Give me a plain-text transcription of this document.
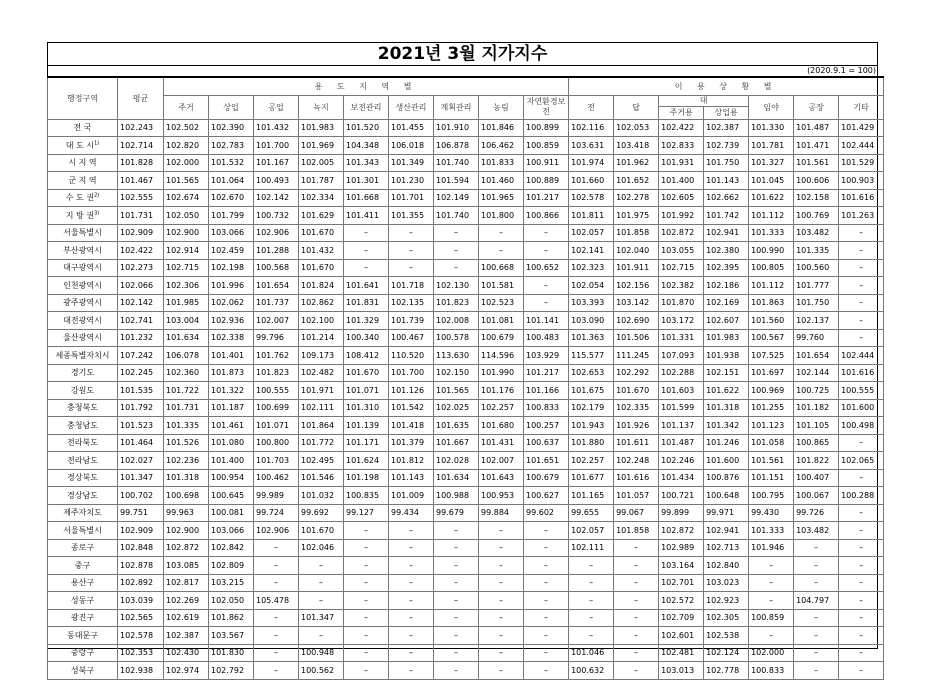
2021년 3월 지가지수
(2020.9.1 = 100)
행정구역	평균	용 도 지 역 별									이 용 상 황 별						
		주거	상업	공업	녹지	보전관리	생산관리	계획관리	농림	자연환경보전	전	답	대		임야	공장	기타
													주거용	상업용			
전 국	102.243	102.502	102.390	101.432	101.983	101.520	101.455	101.910	101.846	100.899	102.116	102.053	102.422	102.387	101.330	101.487	101.429
대 도 시$^{1)}$	102.714	102.820	102.783	101.700	101.969	104.348	106.018	106.878	106.462	100.859	103.631	103.418	102.833	102.739	101.781	101.471	102.444
시 지 역	101.828	102.000	101.532	101.167	102.005	101.343	101.349	101.740	101.833	100.911	101.974	101.962	101.931	101.750	101.327	101.561	101.529
군 지 역	101.467	101.565	101.064	100.493	101.787	101.301	101.230	101.594	101.460	100.889	101.660	101.652	101.400	101.143	101.045	100.606	100.903
수 도 권$^{2)}$	102.555	102.674	102.670	102.142	102.334	101.668	101.701	102.149	101.965	101.217	102.578	102.278	102.605	102.662	101.622	102.158	101.616
지 방 권$^{3)}$	101.731	102.050	101.799	100.732	101.629	101.411	101.355	101.740	101.800	100.866	101.811	101.975	101.992	101.742	101.112	100.769	101.263
서울특별시	102.909	102.900	103.066	102.906	101.670	–	–	–	–	–	102.057	101.858	102.872	102.941	101.333	103.482	–
부산광역시	102.422	102.914	102.459	101.288	101.432	–	–	–	–	–	102.141	102.040	103.055	102.380	100.990	101.335	–
대구광역시	102.273	102.715	102.198	100.568	101.670	–	–	–	100.668	100.652	102.323	101.911	102.715	102.395	100.805	100.560	–
인천광역시	102.066	102.306	101.996	101.654	101.824	101.641	101.718	102.130	101.581	–	102.054	102.156	102.382	102.186	101.112	101.777	–
광주광역시	102.142	101.985	102.062	101.737	102.862	101.831	102.135	101.823	102.523	–	103.393	103.142	101.870	102.169	101.863	101.750	–
대전광역시	102.741	103.004	102.936	102.007	102.100	101.329	101.739	102.008	101.081	101.141	103.090	102.690	103.172	102.607	101.560	102.137	–
울산광역시	101.232	101.634	102.338	99.796	101.214	100.340	100.467	100.578	100.679	100.483	101.363	101.506	101.331	101.983	100.567	99.760	–
세종특별자치시	107.242	106.078	101.401	101.762	109.173	108.412	110.520	113.630	114.596	103.929	115.577	111.245	107.093	101.938	107.525	101.654	102.444
경기도	102.245	102.360	101.873	101.823	102.482	101.670	101.700	102.150	101.990	101.217	102.653	102.292	102.288	102.151	101.697	102.144	101.616
강원도	101.535	101.722	101.322	100.555	101.971	101.071	101.126	101.565	101.176	101.166	101.675	101.670	101.603	101.622	100.969	100.725	100.555
충청북도	101.792	101.731	101.187	100.699	102.111	101.310	101.542	102.025	102.257	100.833	102.179	102.335	101.599	101.318	101.255	101.182	101.600
충청남도	101.523	101.335	101.461	101.071	101.864	101.139	101.418	101.635	101.680	100.257	101.943	101.926	101.137	101.342	101.123	101.105	100.498
전라북도	101.464	101.526	101.080	100.800	101.772	101.171	101.379	101.667	101.431	100.637	101.880	101.611	101.487	101.246	101.058	100.865	–
전라남도	102.027	102.236	101.400	101.703	102.495	101.624	101.812	102.028	102.007	101.651	102.257	102.248	102.246	101.600	101.561	101.822	102.065
경상북도	101.347	101.318	100.954	100.462	101.546	101.198	101.143	101.634	101.643	100.679	101.677	101.616	101.434	100.876	101.151	100.407	–
경상남도	100.702	100.698	100.645	99.989	101.032	100.835	101.009	100.988	100.953	100.627	101.165	101.057	100.721	100.648	100.795	100.067	100.288
제주자치도	99.751	99.963	100.081	99.724	99.692	99.127	99.434	99.679	99.884	99.602	99.655	99.067	99.899	99.971	99.430	99.726	–
서울특별시	102.909	102.900	103.066	102.906	101.670	–	–	–	–	–	102.057	101.858	102.872	102.941	101.333	103.482	–
종로구	102.848	102.872	102.842	–	102.046	–	–	–	–	–	102.111	–	102.989	102.713	101.946	–	–
중구	102.878	103.085	102.809	–	–	–	–	–	–	–	–	–	103.164	102.840	–	–	–
용산구	102.892	102.817	103.215	–	–	–	–	–	–	–	–	–	102.701	103.023	–	–	–
성동구	103.039	102.269	102.050	105.478	–	–	–	–	–	–	–	–	102.572	102.923	–	104.797	–
광진구	102.565	102.619	101.862	–	101.347	–	–	–	–	–	–	–	102.709	102.305	100.859	–	–
동대문구	102.578	102.387	103.567	–	–	–	–	–	–	–	–	–	102.601	102.538	–	–	–
중랑구	102.353	102.430	101.830	–	100.948	–	–	–	–	–	101.046	–	102.481	102.124	102.000	–	–
성북구	102.938	102.974	102.792	–	100.562	–	–	–	–	–	100.632	–	103.013	102.778	100.833	–	–
